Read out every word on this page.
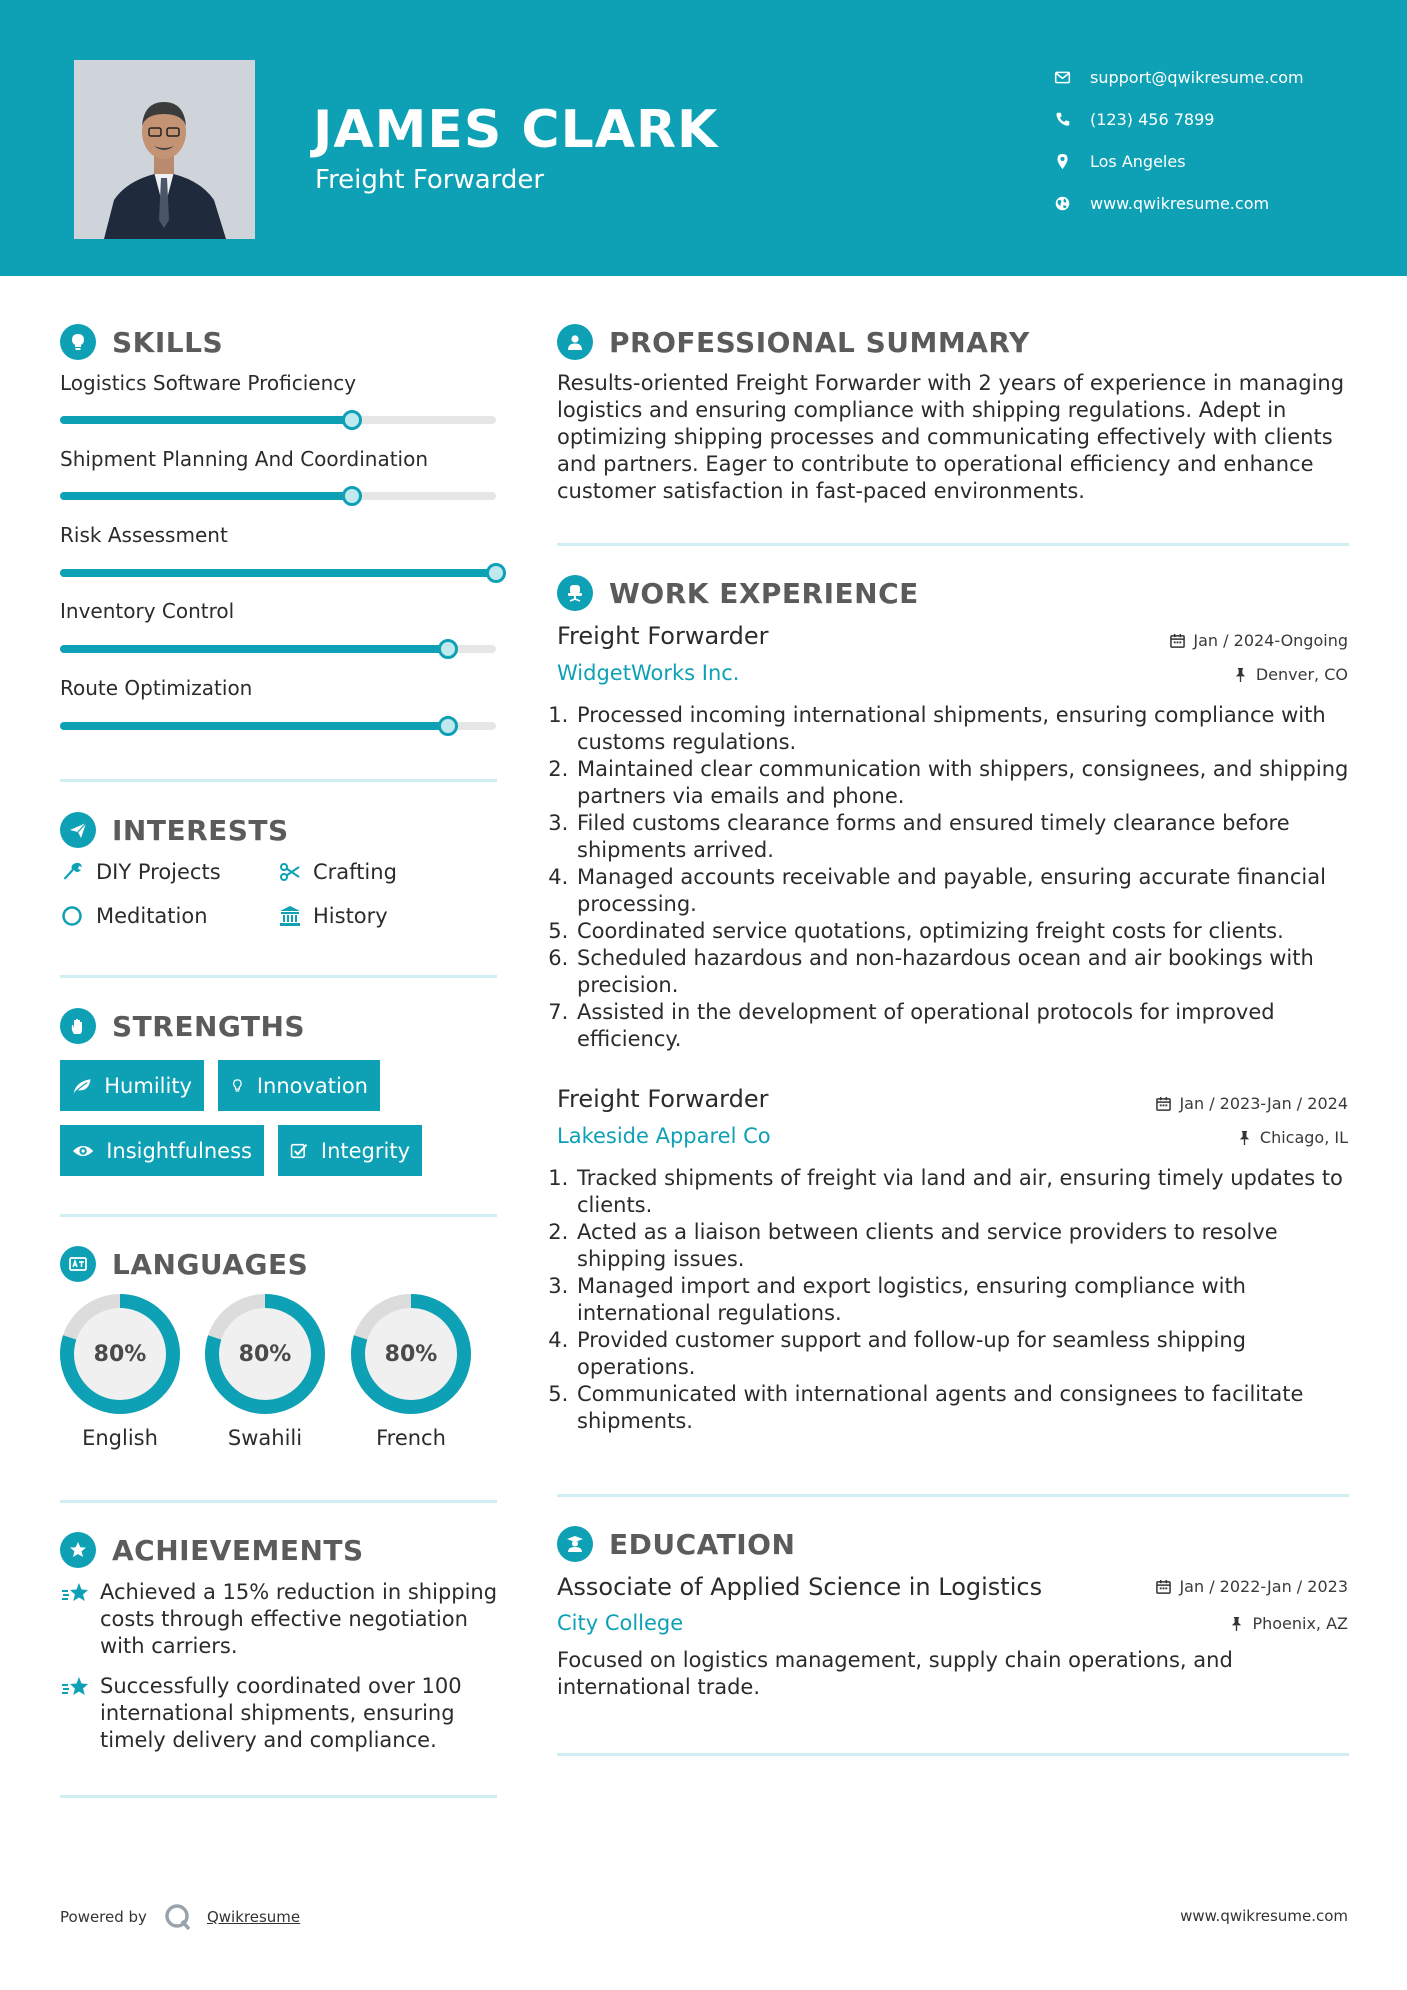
JAMES CLARK
Freight Forwarder
support@qwikresume.com
(123) 456 7899
Los Angeles
www.qwikresume.com
SKILLS
Logistics Software Proficiency
Shipment Planning And Coordination
Risk Assessment
Inventory Control
Route Optimization
INTERESTS
DIY Projects	Crafting
Meditation	History
STRENGTHS
Humility	Innovation
Insightfulness	Integrity
LANGUAGES
80%
English
80%
Swahili
80%
French
ACHIEVEMENTS
Achieved a 15% reduction in shipping costs through effective negotiation with carriers.
Successfully coordinated over 100 international shipments, ensuring timely delivery and compliance.
PROFESSIONAL SUMMARY
Results-oriented Freight Forwarder with 2 years of experience in managing logistics and ensuring compliance with shipping regulations. Adept in optimizing shipping processes and communicating effectively with clients and partners. Eager to contribute to operational efficiency and enhance customer satisfaction in fast-paced environments.
WORK EXPERIENCE
Freight Forwarder	Jan / 2024-Ongoing
WidgetWorks Inc.	Denver, CO
1. Processed incoming international shipments, ensuring compliance with customs regulations.
2. Maintained clear communication with shippers, consignees, and shipping partners via emails and phone.
3. Filed customs clearance forms and ensured timely clearance before shipments arrived.
4. Managed accounts receivable and payable, ensuring accurate financial processing.
5. Coordinated service quotations, optimizing freight costs for clients.
6. Scheduled hazardous and non-hazardous ocean and air bookings with precision.
7. Assisted in the development of operational protocols for improved efficiency.
Freight Forwarder	Jan / 2023-Jan / 2024
Lakeside Apparel Co	Chicago, IL
1. Tracked shipments of freight via land and air, ensuring timely updates to clients.
2. Acted as a liaison between clients and service providers to resolve shipping issues.
3. Managed import and export logistics, ensuring compliance with international regulations.
4. Provided customer support and follow-up for seamless shipping operations.
5. Communicated with international agents and consignees to facilitate shipments.
EDUCATION
Associate of Applied Science in Logistics	Jan / 2022-Jan / 2023
City College	Phoenix, AZ
Focused on logistics management, supply chain operations, and international trade.
Powered by	Qwikresume	www.qwikresume.com
